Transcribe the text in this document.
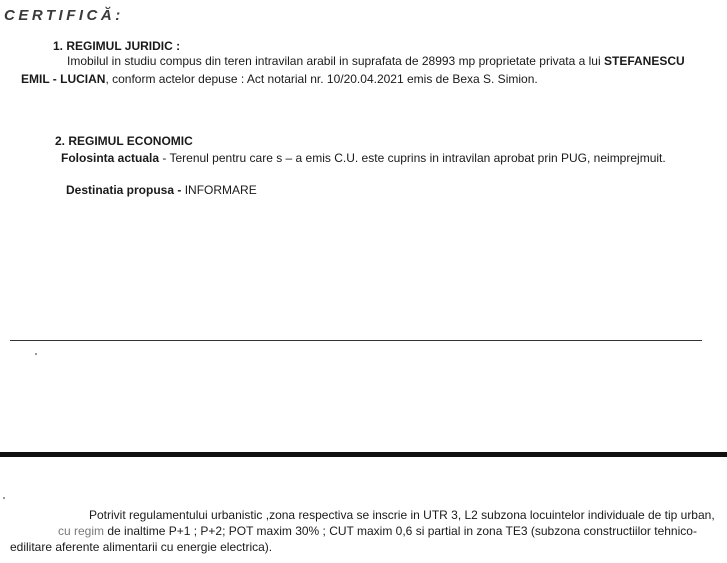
CERTIFICĂ:
1. REGIMUL JURIDIC :
Imobilul in studiu compus din teren intravilan arabil in suprafata de 28993 mp proprietate privata a lui STEFANESCU
EMIL - LUCIAN, conform actelor depuse : Act notarial nr. 10/20.04.2021 emis de Bexa S. Simion.
2. REGIMUL ECONOMIC
Folosinta actuala - Terenul pentru care s – a emis C.U. este cuprins in intravilan aprobat prin PUG, neimprejmuit.
Destinatia propusa - INFORMARE
Potrivit regulamentului urbanistic ,zona respectiva se inscrie in UTR 3, L2 subzona locuintelor individuale de tip urban,
cu regim de inaltime P+1 ; P+2; POT maxim 30% ; CUT maxim 0,6 si partial in zona TE3 (subzona constructiilor tehnico-
edilitare aferente alimentarii cu energie electrica).
